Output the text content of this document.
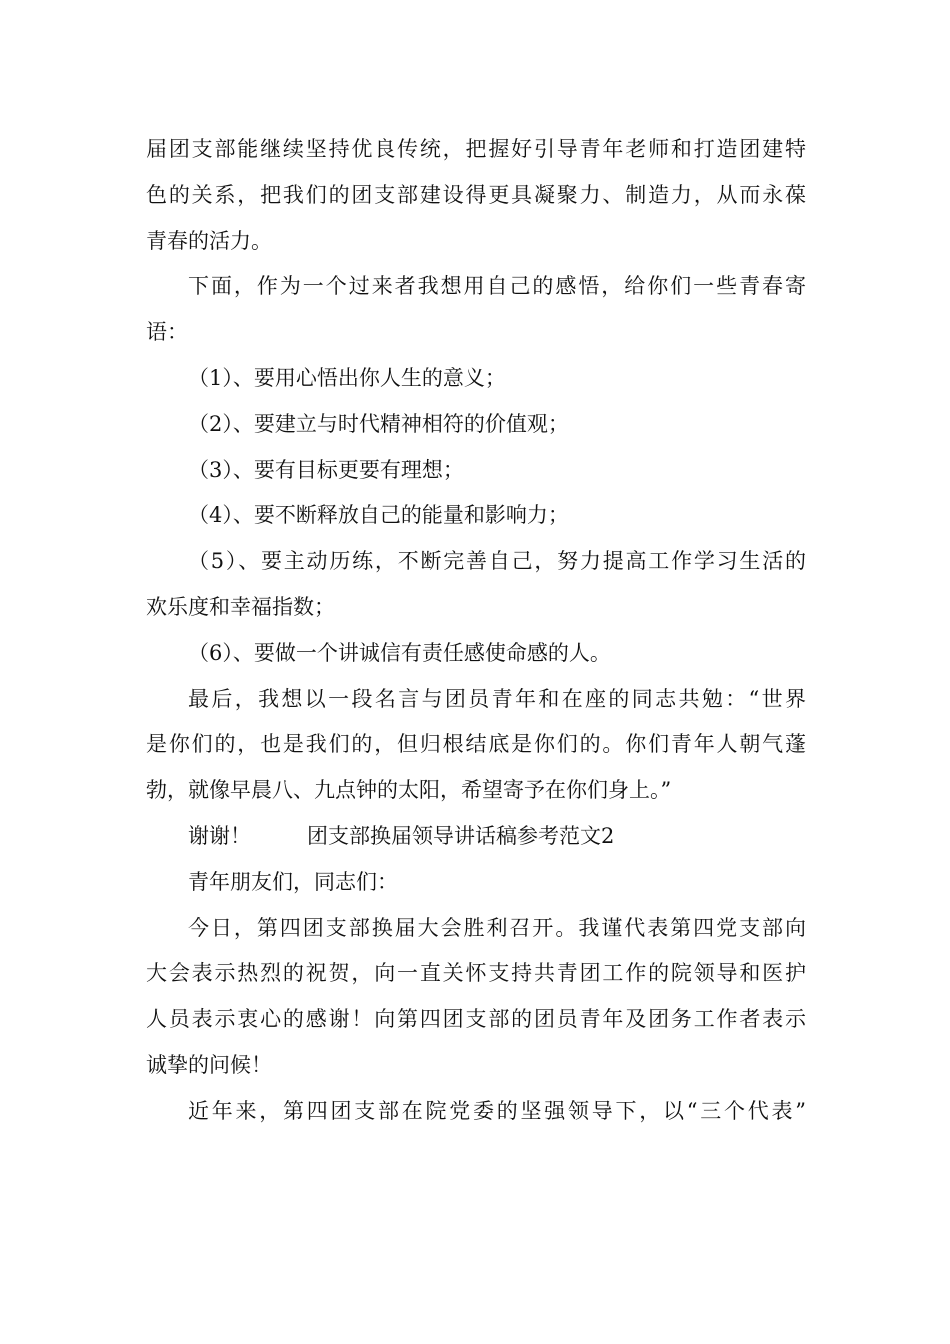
届团支部能继续坚持优良传统，把握好引导青年老师和打造团建特
色的关系，把我们的团支部建设得更具凝聚力、制造力，从而永葆
青春的活力。
下面，作为一个过来者我想用自己的感悟，给你们一些青春寄
语：
（1）、要用心悟出你人生的意义；
（2）、要建立与时代精神相符的价值观；
（3）、要有目标更要有理想；
（4）、要不断释放自己的能量和影响力；
（5）、要主动历练，不断完善自己，努力提高工作学习生活的
欢乐度和幸福指数；
（6）、要做一个讲诚信有责任感使命感的人。
最后，我想以一段名言与团员青年和在座的同志共勉：“世界
是你们的，也是我们的，但归根结底是你们的。你们青年人朝气蓬
勃，就像早晨八、九点钟的太阳，希望寄予在你们身上。”
谢谢！	团支部换届领导讲话稿参考范文2
青年朋友们，同志们：
今日，第四团支部换届大会胜利召开。我谨代表第四党支部向
大会表示热烈的祝贺，向一直关怀支持共青团工作的院领导和医护
人员表示衷心的感谢！向第四团支部的团员青年及团务工作者表示
诚挚的问候！
近年来，第四团支部在院党委的坚强领导下，以“三个代表”
